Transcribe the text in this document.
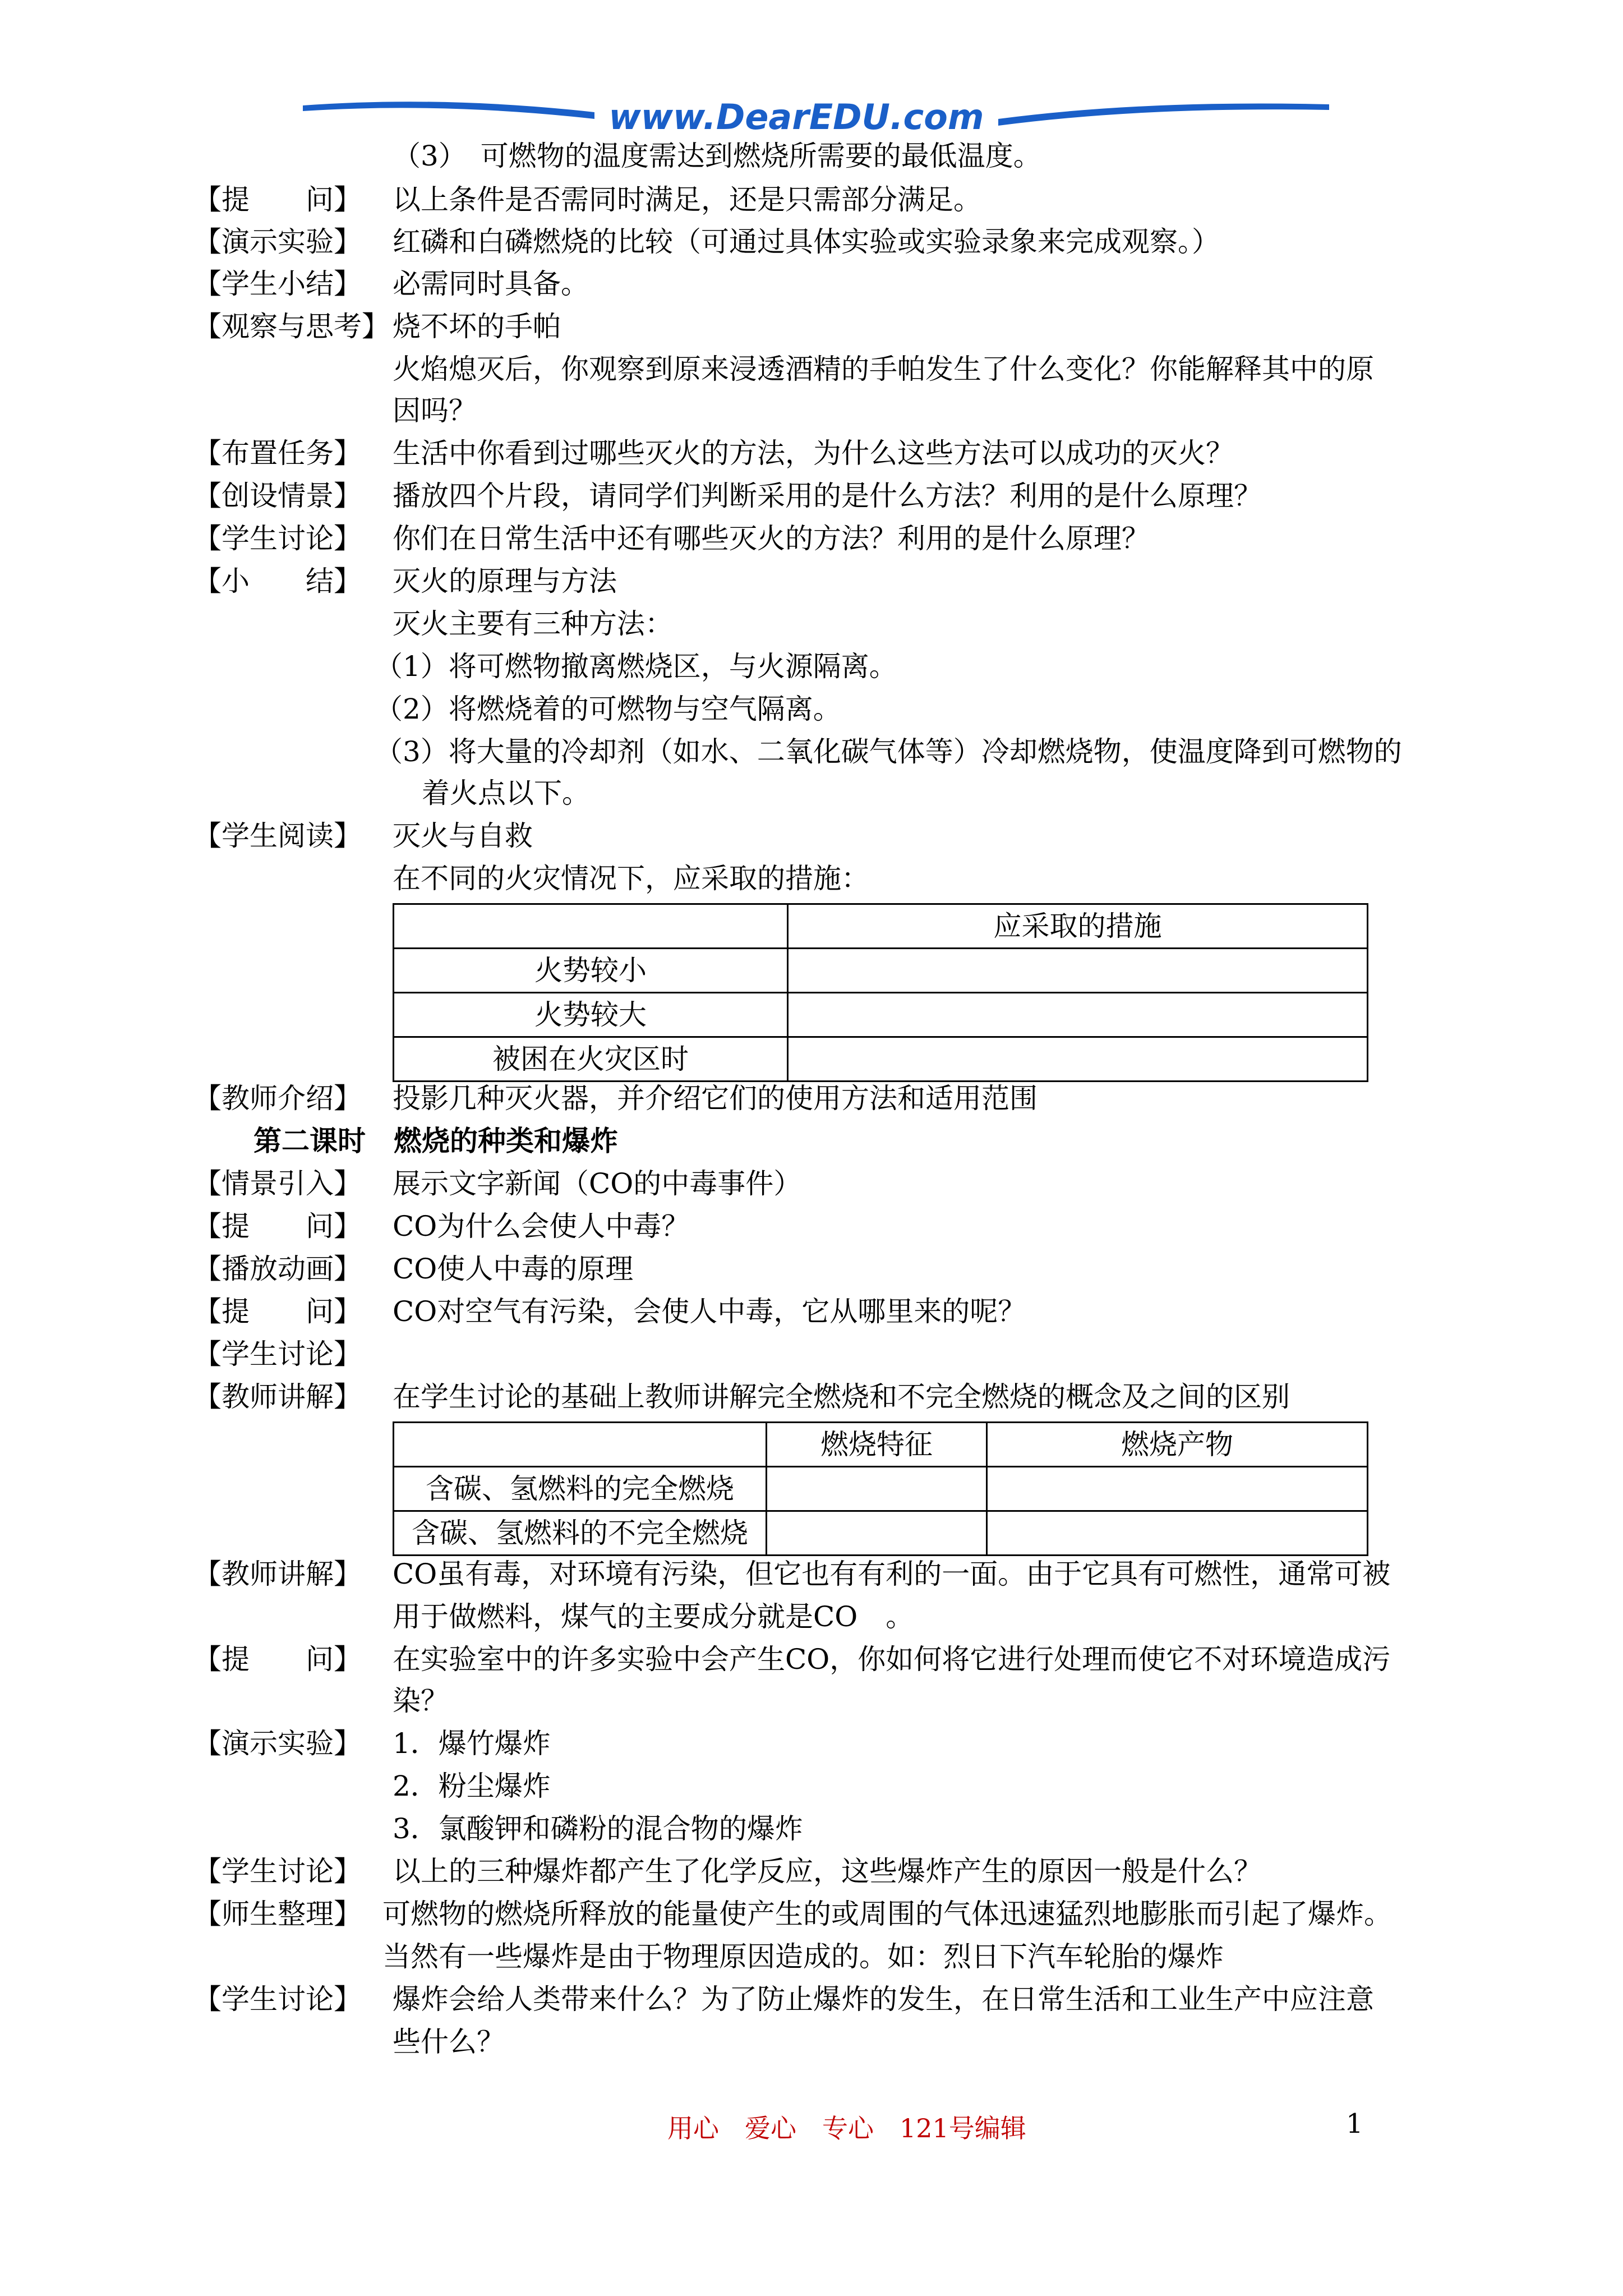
www.DearEDU.com
（3）　可燃物的温度需达到燃烧所需要的最低温度。
【提　　问】 以上条件是否需同时满足，还是只需部分满足。
【演示实验】 红磷和白磷燃烧的比较（可通过具体实验或实验录象来完成观察。）
【学生小结】 必需同时具备。
【观察与思考】 烧不坏的手帕
火焰熄灭后，你观察到原来浸透酒精的手帕发生了什么变化？你能解释其中的原
因吗？
【布置任务】 生活中你看到过哪些灭火的方法，为什么这些方法可以成功的灭火？
【创设情景】 播放四个片段，请同学们判断采用的是什么方法？利用的是什么原理？
【学生讨论】 你们在日常生活中还有哪些灭火的方法？利用的是什么原理？
【小　　结】 灭火的原理与方法
灭火主要有三种方法：
（1）将可燃物撤离燃烧区，与火源隔离。
（2）将燃烧着的可燃物与空气隔离。
（3）将大量的冷却剂（如水、二氧化碳气体等）冷却燃烧物，使温度降到可燃物的
着火点以下。
【学生阅读】 灭火与自救
在不同的火灾情况下，应采取的措施：
	应采取的措施
火势较小	
火势较大	
被困在火灾区时	
【教师介绍】 投影几种灭火器，并介绍它们的使用方法和适用范围
第二课时　燃烧的种类和爆炸
【情景引入】 展示文字新闻（CO的中毒事件）
【提　　问】 CO为什么会使人中毒？
【播放动画】 CO使人中毒的原理
【提　　问】 CO对空气有污染，会使人中毒，它从哪里来的呢？
【学生讨论】
【教师讲解】 在学生讨论的基础上教师讲解完全燃烧和不完全燃烧的概念及之间的区别
	燃烧特征	燃烧产物
含碳、氢燃料的完全燃烧		
含碳、氢燃料的不完全燃烧		
【教师讲解】 CO虽有毒，对环境有污染，但它也有有利的一面。由于它具有可燃性，通常可被
用于做燃料，煤气的主要成分就是CO　。
【提　　问】 在实验室中的许多实验中会产生CO，你如何将它进行处理而使它不对环境造成污
染？
【演示实验】 1．爆竹爆炸
2．粉尘爆炸
3．氯酸钾和磷粉的混合物的爆炸
【学生讨论】 以上的三种爆炸都产生了化学反应，这些爆炸产生的原因一般是什么？
【师生整理】 可燃物的燃烧所释放的能量使产生的或周围的气体迅速猛烈地膨胀而引起了爆炸。
当然有一些爆炸是由于物理原因造成的。如：烈日下汽车轮胎的爆炸
【学生讨论】 爆炸会给人类带来什么？为了防止爆炸的发生，在日常生活和工业生产中应注意
些什么？
用心　爱心　专心　121号编辑	1
